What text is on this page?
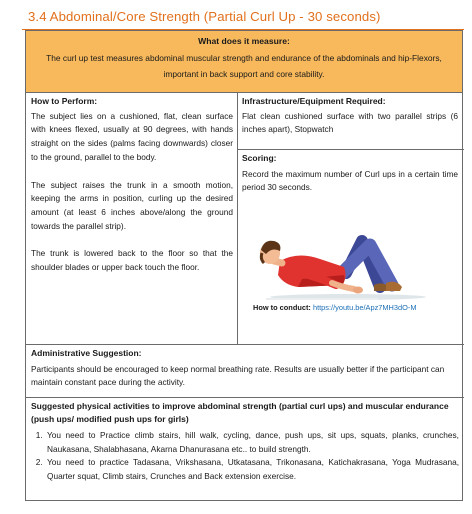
3.4 Abdominal/Core Strength (Partial Curl Up - 30 seconds)
What does it measure:
The curl up test measures abdominal muscular strength and endurance of the abdominals and hip-Flexors, important in back support and core stability.
How to Perform:
The subject lies on a cushioned, flat, clean surface with knees flexed, usually at 90 degrees, with hands straight on the sides (palms facing downwards) closer to the ground, parallel to the body.
The subject raises the trunk in a smooth motion, keeping the arms in position, curling up the desired amount (at least 6 inches above/along the ground towards the parallel strip).
The trunk is lowered back to the floor so that the shoulder blades or upper back touch the floor.
Infrastructure/Equipment Required:
Flat clean cushioned surface with two parallel strips (6 inches apart), Stopwatch
Scoring:
Record the maximum number of Curl ups in a certain time period 30 seconds.
How to conduct: https://youtu.be/Apz7MH3dO-M
Administrative Suggestion:
Participants should be encouraged to keep normal breathing rate. Results are usually better if the participant can maintain constant pace during the activity.
Suggested physical activities to improve abdominal strength (partial curl ups) and muscular endurance (push ups/ modified push ups for girls)
1. You need to Practice climb stairs, hill walk, cycling, dance, push ups, sit ups, squats, planks, crunches, Naukasana, Shalabhasana, Akarna Dhanurasana etc.. to build strength.
2. You need to practice Tadasana, Vrikshasana, Utkatasana, Trikonasana, Katichakrasana, Yoga Mudrasana, Quarter squat, Climb stairs, Crunches and Back extension exercise.
